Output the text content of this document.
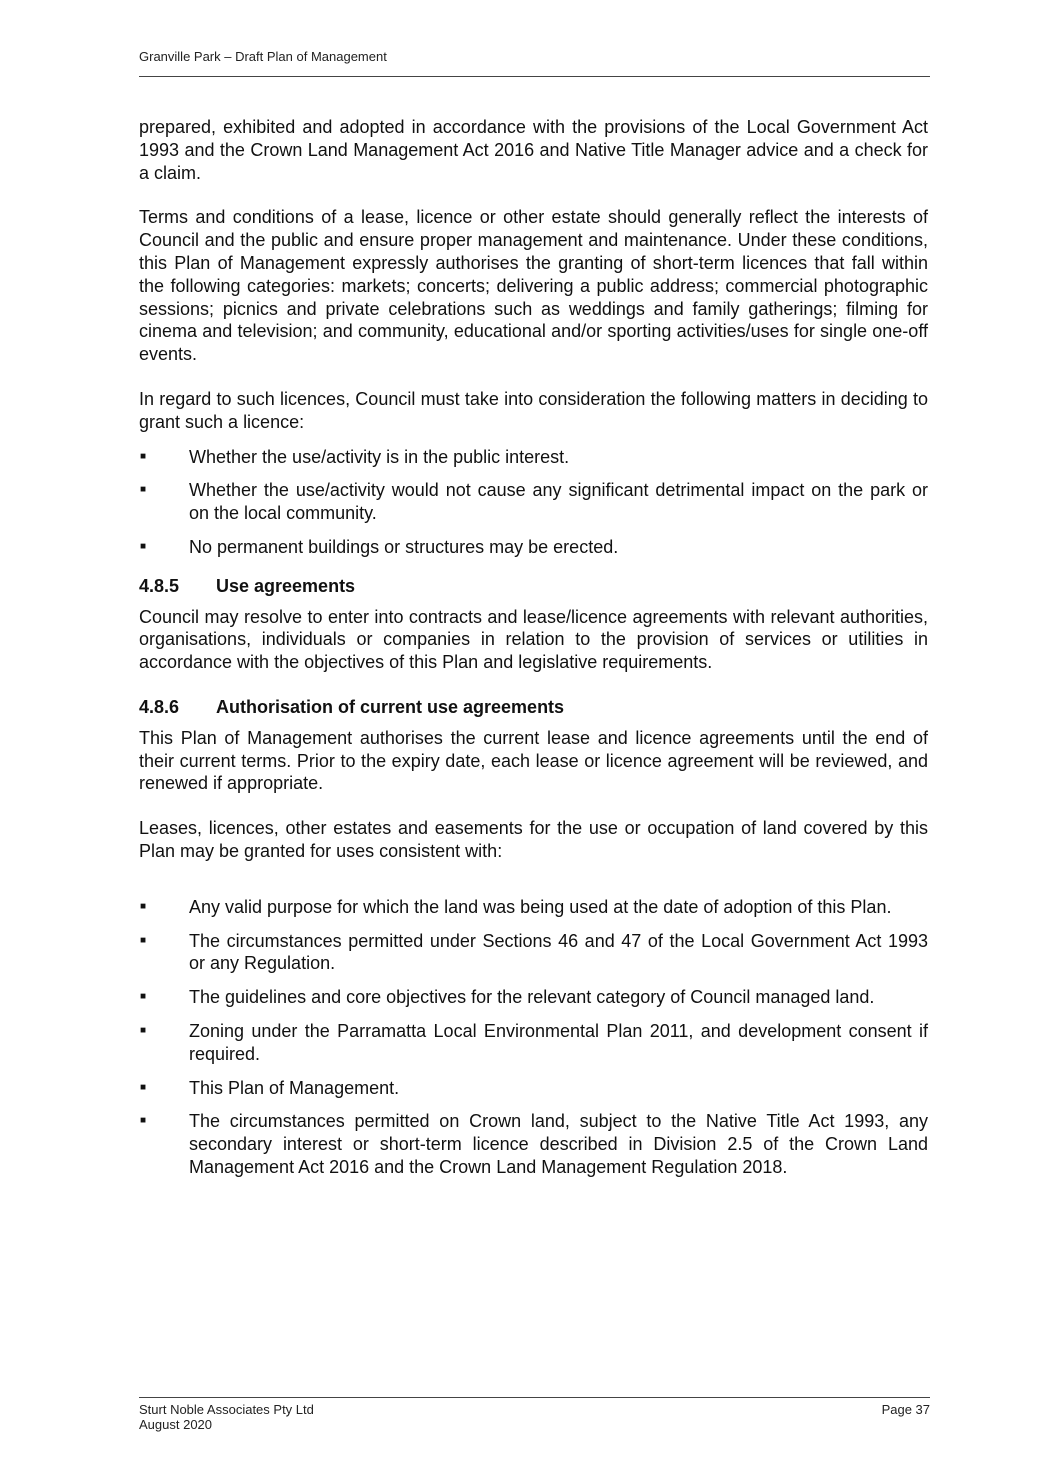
Granville Park – Draft Plan of Management

prepared, exhibited and adopted in accordance with the provisions of the Local Government Act 1993 and the Crown Land Management Act 2016 and Native Title Manager advice and a check for a claim.

Terms and conditions of a lease, licence or other estate should generally reflect the interests of Council and the public and ensure proper management and maintenance. Under these conditions, this Plan of Management expressly authorises the granting of short-term licences that fall within the following categories: markets; concerts; delivering a public address; commercial photographic sessions; picnics and private celebrations such as weddings and family gatherings; filming for cinema and television; and community, educational and/or sporting activities/uses for single one-off events.

In regard to such licences, Council must take into consideration the following matters in deciding to grant such a licence:

■ Whether the use/activity is in the public interest.
■ Whether the use/activity would not cause any significant detrimental impact on the park or on the local community.
■ No permanent buildings or structures may be erected.
4.8.5 Use agreements

Council may resolve to enter into contracts and lease/licence agreements with relevant authorities, organisations, individuals or companies in relation to the provision of services or utilities in accordance with the objectives of this Plan and legislative requirements.

4.8.6 Authorisation of current use agreements

This Plan of Management authorises the current lease and licence agreements until the end of their current terms. Prior to the expiry date, each lease or licence agreement will be reviewed, and renewed if appropriate.

Leases, licences, other estates and easements for the use or occupation of land covered by this Plan may be granted for uses consistent with:

■ Any valid purpose for which the land was being used at the date of adoption of this Plan.
■ The circumstances permitted under Sections 46 and 47 of the Local Government Act 1993 or any Regulation.
■ The guidelines and core objectives for the relevant category of Council managed land.
■ Zoning under the Parramatta Local Environmental Plan 2011, and development consent if required.
■ This Plan of Management.
■ The circumstances permitted on Crown land, subject to the Native Title Act 1993, any secondary interest or short-term licence described in Division 2.5 of the Crown Land Management Act 2016 and the Crown Land Management Regulation 2018.
Sturt Noble Associates Pty Ltd
August 2020
Page 37
